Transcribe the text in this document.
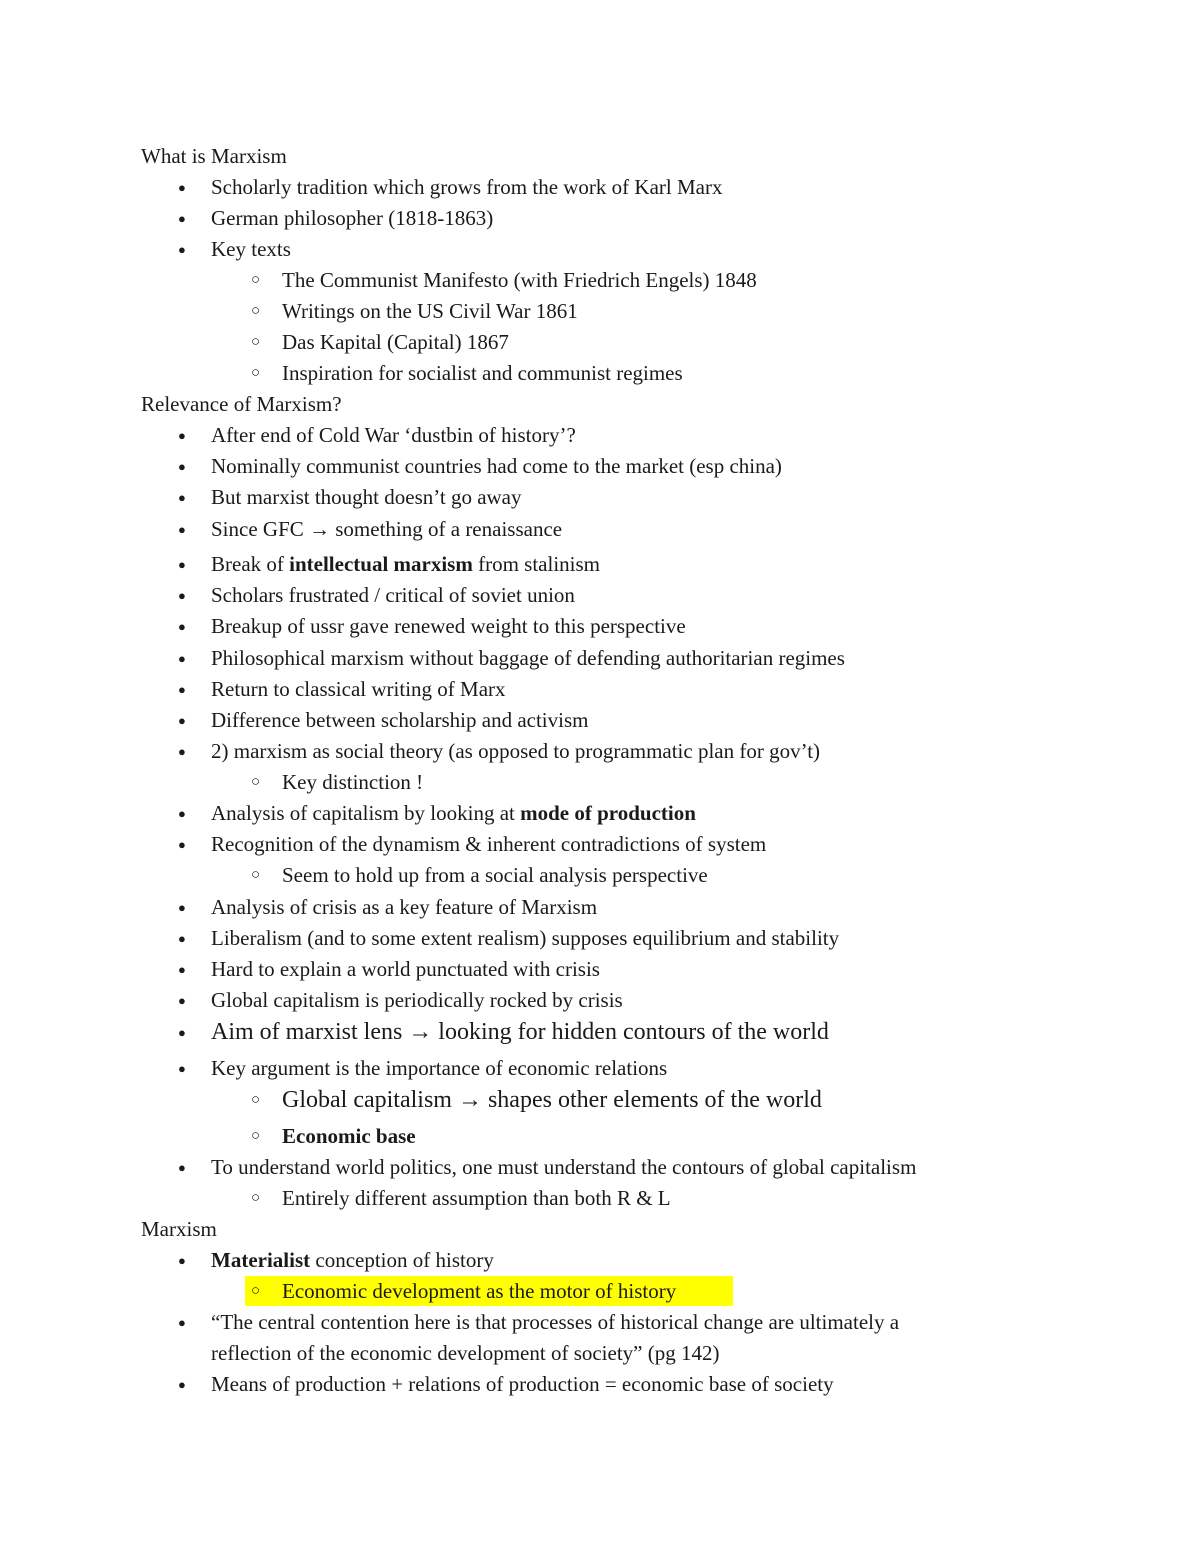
What is Marxism
● Scholarly tradition which grows from the work of Karl Marx
● German philosopher (1818-1863)
● Key texts
○ The Communist Manifesto (with Friedrich Engels) 1848
○ Writings on the US Civil War 1861
○ Das Kapital (Capital) 1867
○ Inspiration for socialist and communist regimes
Relevance of Marxism?
● After end of Cold War ‘dustbin of history’?
● Nominally communist countries had come to the market (esp china)
● But marxist thought doesn’t go away
● Since GFC → something of a renaissance
● Break of intellectual marxism from stalinism
● Scholars frustrated / critical of soviet union
● Breakup of ussr gave renewed weight to this perspective
● Philosophical marxism without baggage of defending authoritarian regimes
● Return to classical writing of Marx
● Difference between scholarship and activism
● 2) marxism as social theory (as opposed to programmatic plan for gov’t)
○ Key distinction !
● Analysis of capitalism by looking at mode of production
● Recognition of the dynamism & inherent contradictions of system
○ Seem to hold up from a social analysis perspective
● Analysis of crisis as a key feature of Marxism
● Liberalism (and to some extent realism) supposes equilibrium and stability
● Hard to explain a world punctuated with crisis
● Global capitalism is periodically rocked by crisis
● Aim of marxist lens → looking for hidden contours of the world
● Key argument is the importance of economic relations
○ Global capitalism → shapes other elements of the world
○ Economic base
● To understand world politics, one must understand the contours of global capitalism
○ Entirely different assumption than both R & L
Marxism
● Materialist conception of history
○ Economic development as the motor of history
● “The central contention here is that processes of historical change are ultimately a
reflection of the economic development of society” (pg 142)
● Means of production + relations of production = economic base of society
